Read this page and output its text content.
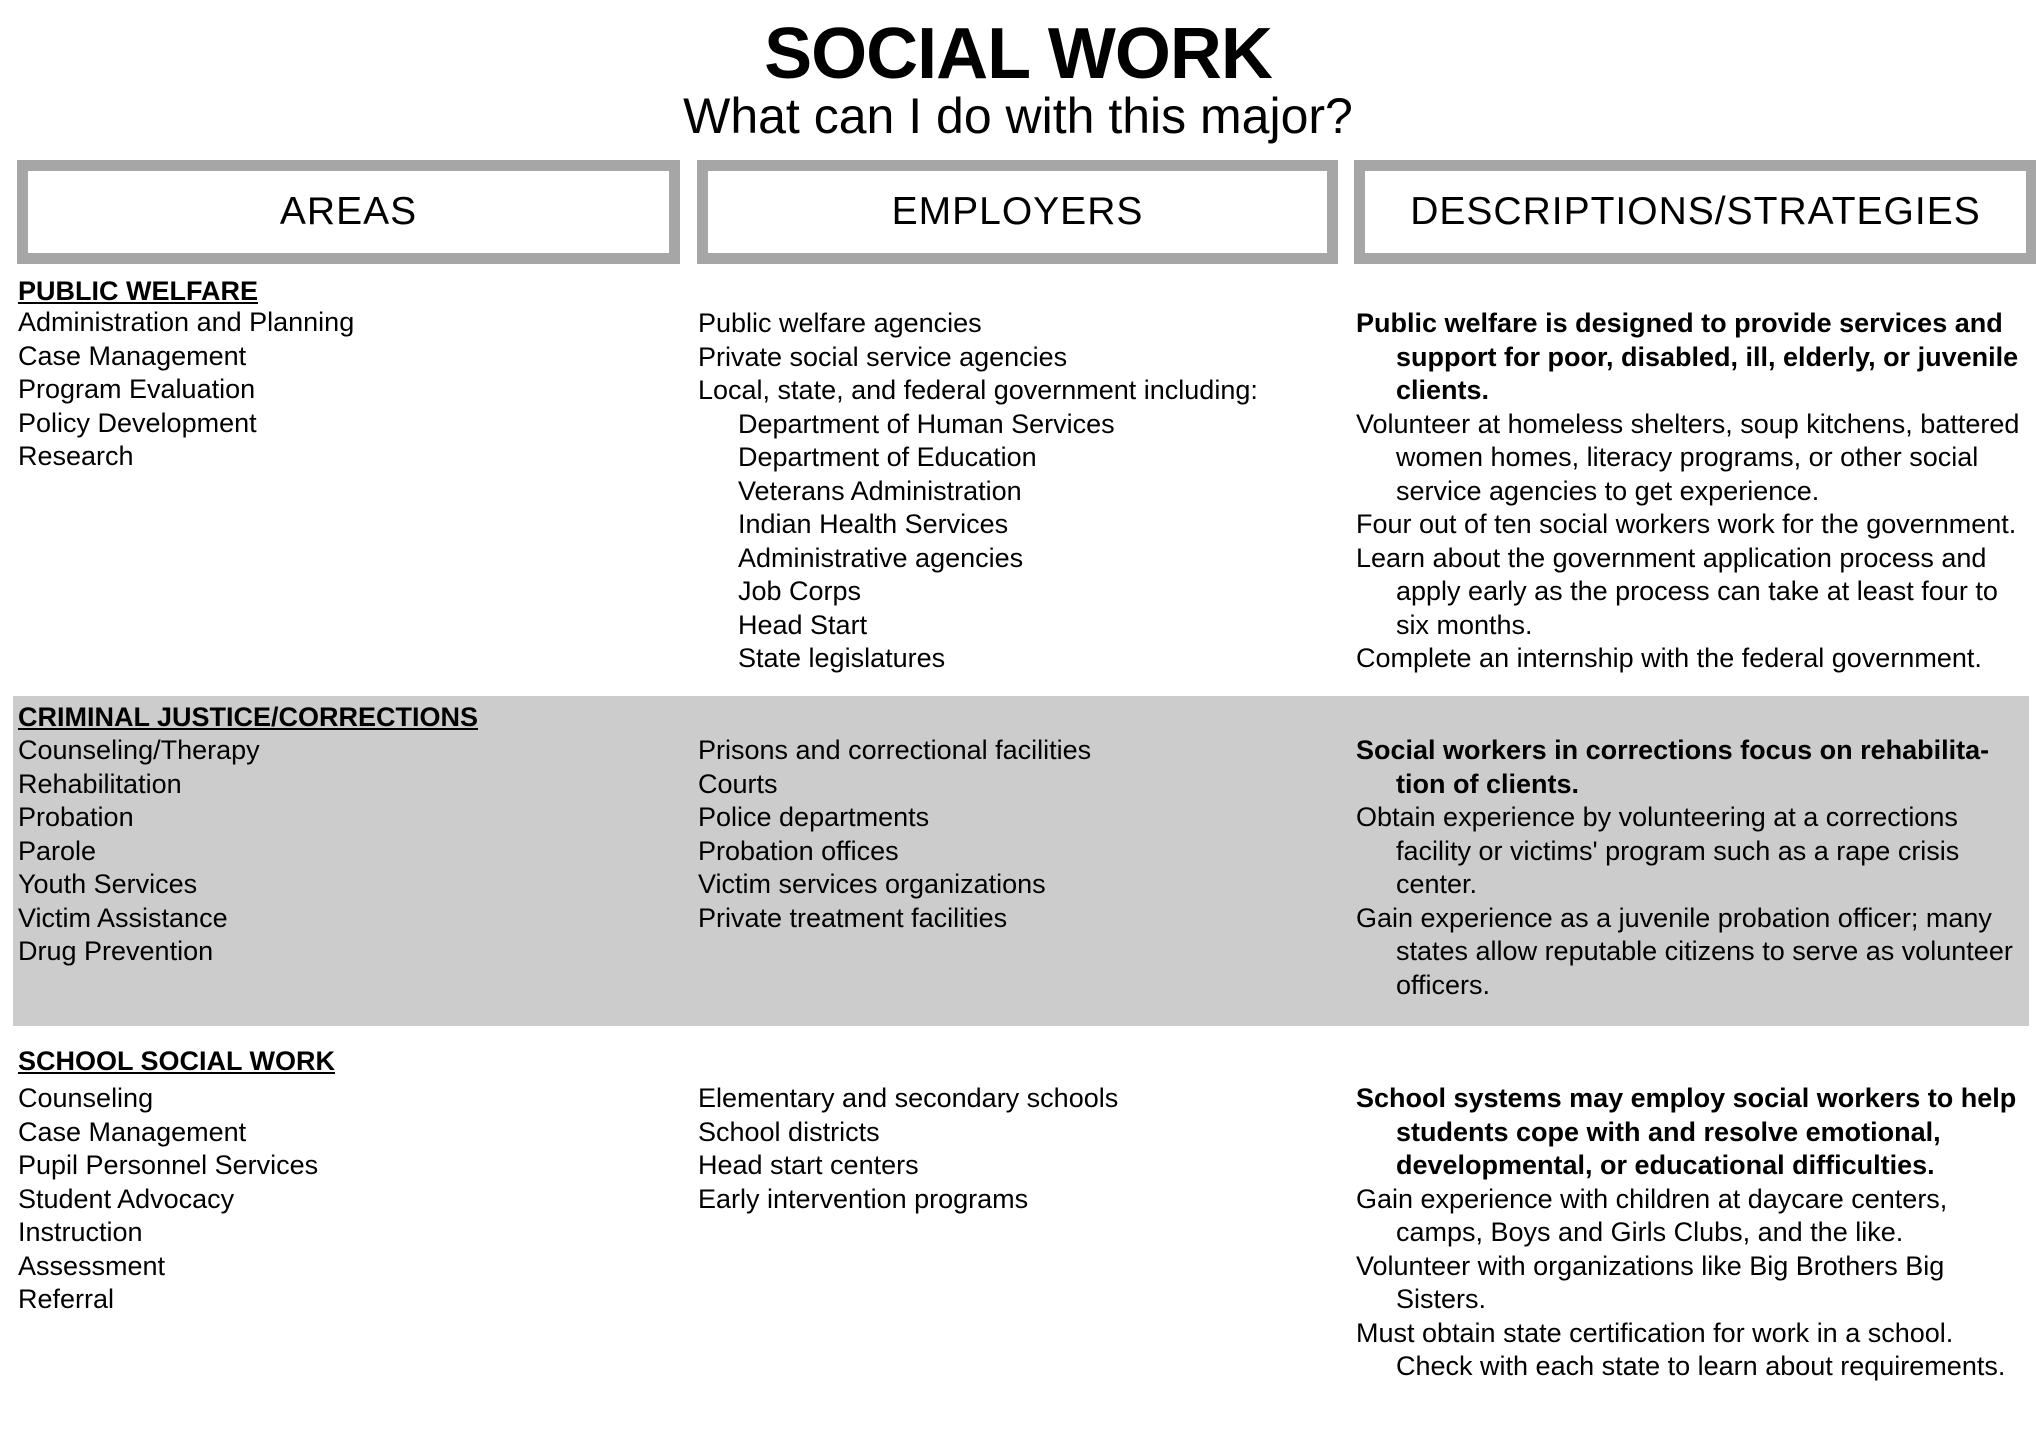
SOCIAL WORK
What can I do with this major?
AREAS	EMPLOYERS	DESCRIPTIONS/STRATEGIES
PUBLIC WELFARE
Administration and Planning
Case Management
Program Evaluation
Policy Development
Research
Public welfare agencies
Private social service agencies
Local, state, and federal government including:
Department of Human Services
Department of Education
Veterans Administration
Indian Health Services
Administrative agencies
Job Corps
Head Start
State legislatures
Public welfare is designed to provide services and support for poor, disabled, ill, elderly, or juvenile clients.
Volunteer at homeless shelters, soup kitchens, battered women homes, literacy programs, or other social service agencies to get experience.
Four out of ten social workers work for the government.
Learn about the government application process and apply early as the process can take at least four to six months.
Complete an internship with the federal government.
CRIMINAL JUSTICE/CORRECTIONS
Counseling/Therapy
Rehabilitation
Probation
Parole
Youth Services
Victim Assistance
Drug Prevention
Prisons and correctional facilities
Courts
Police departments
Probation offices
Victim services organizations
Private treatment facilities
Social workers in corrections focus on rehabilita-tion of clients.
Obtain experience by volunteering at a corrections facility or victims' program such as a rape crisis center.
Gain experience as a juvenile probation officer; many states allow reputable citizens to serve as volunteer officers.
SCHOOL SOCIAL WORK
Counseling
Case Management
Pupil Personnel Services
Student Advocacy
Instruction
Assessment
Referral
Elementary and secondary schools
School districts
Head start centers
Early intervention programs
School systems may employ social workers to help students cope with and resolve emotional, developmental, or educational difficulties.
Gain experience with children at daycare centers, camps, Boys and Girls Clubs, and the like.
Volunteer with organizations like Big Brothers Big Sisters.
Must obtain state certification for work in a school. Check with each state to learn about requirements.
